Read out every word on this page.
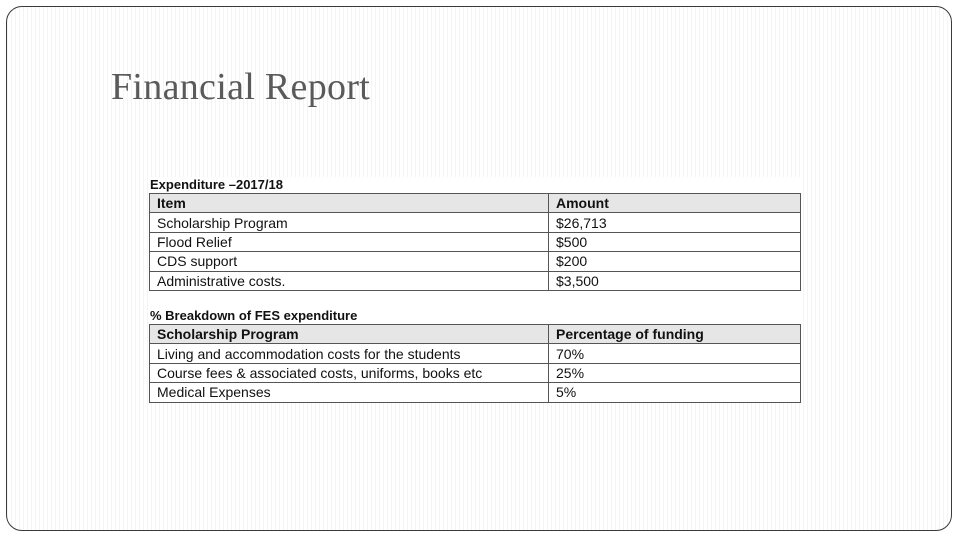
Financial Report
Expenditure –2017/18
Item	Amount
Scholarship Program	$26,713
Flood Relief	$500
CDS support	$200
Administrative costs.	$3,500
% Breakdown of FES expenditure
Scholarship Program	Percentage of funding
Living and accommodation costs for the students	70%
Course fees & associated costs, uniforms, books etc	25%
Medical Expenses	5%
